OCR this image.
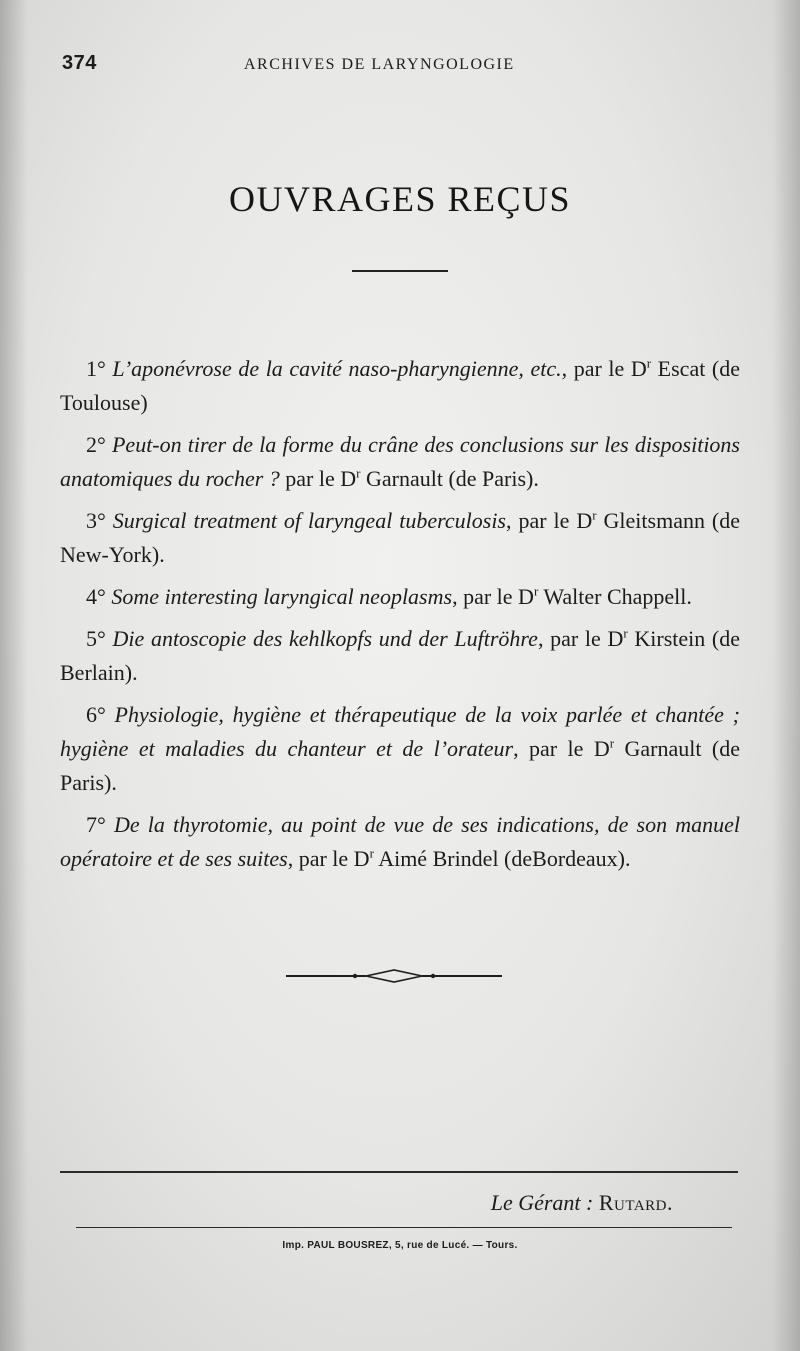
374	ARCHIVES DE LARYNGOLOGIE
OUVRAGES REÇUS

1° L’aponévrose de la cavité naso-pharyngienne, etc., par le $D^r$ Escat (de Toulouse)

2° Peut-on tirer de la forme du crâne des conclusions sur les dispositions anatomiques du rocher ? par le $D^r$ Garnault (de Paris).

3° Surgical treatment of laryngeal tuberculosis, par le $D^r$ Gleitsmann (de New-York).

4° Some interesting laryngical neoplasms, par le $D^r$ Walter Chappell.

5° Die antoscopie des kehlkopfs und der Luftröhre, par le $D^r$ Kirstein (de Berlain).

6° Physiologie, hygiène et thérapeutique de la voix parlée et chantée ; hygiène et maladies du chanteur et de l’orateur, par le $D^r$ Garnault (de Paris).

7° De la thyrotomie, au point de vue de ses indications, de son manuel opératoire et de ses suites, par le $D^r$ Aimé Brindel (deBordeaux).

Le Gérant : Rutard.
Imp. PAUL BOUSREZ, 5, rue de Lucé. — Tours.
